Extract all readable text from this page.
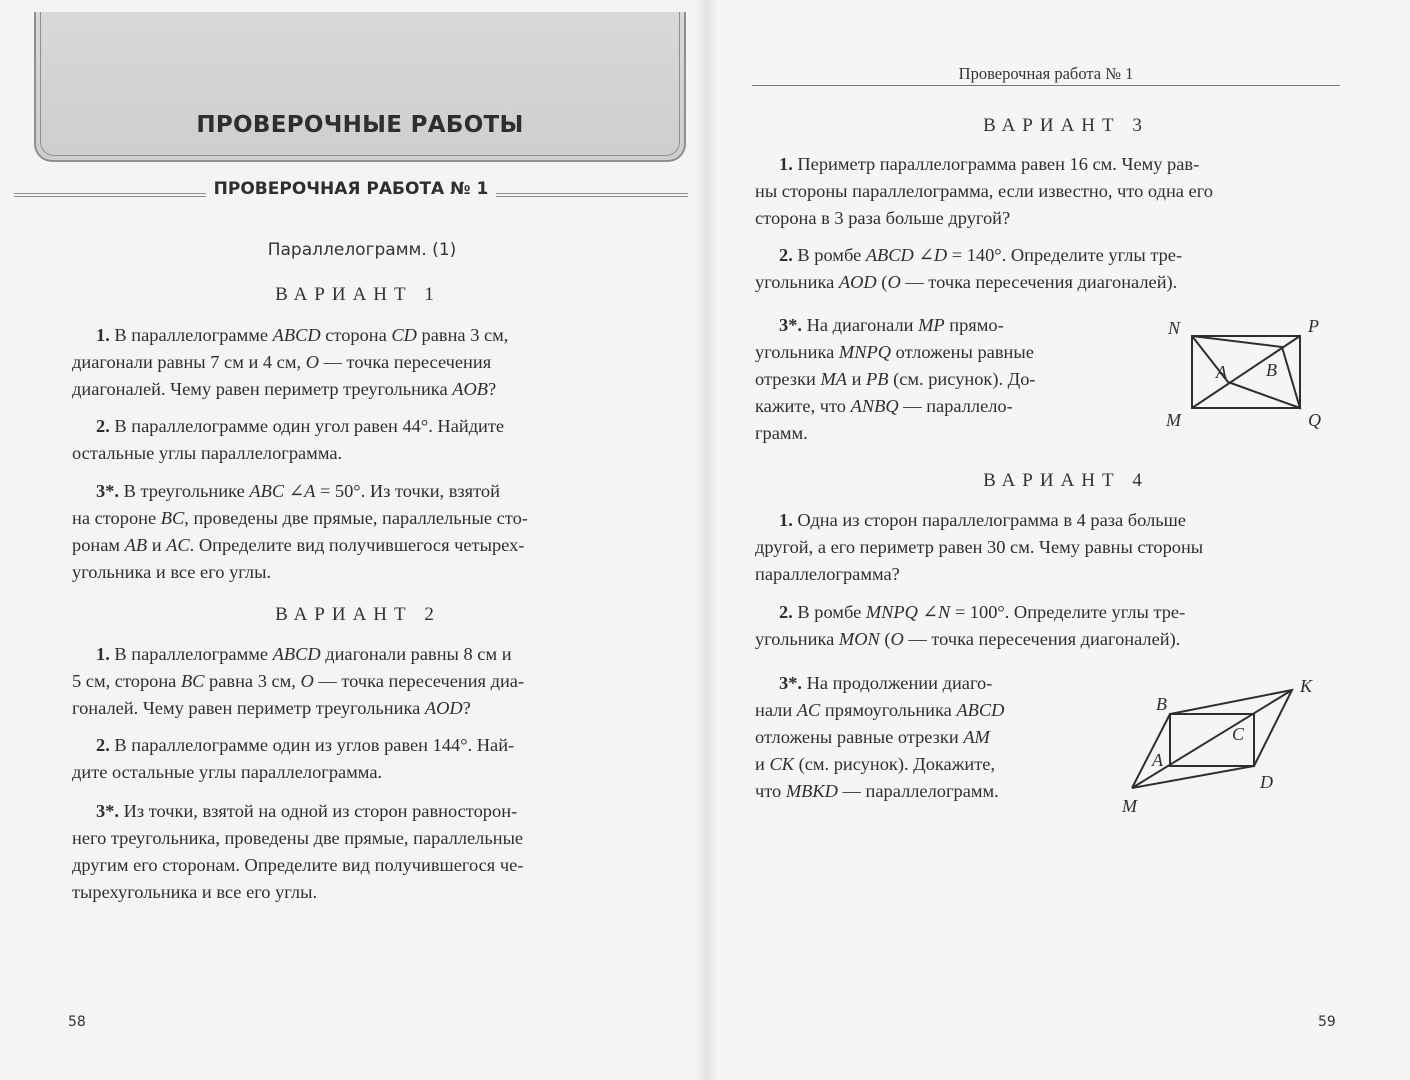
ПРОВЕРОЧНЫЕ РАБОТЫ
ПРОВЕРОЧНАЯ РАБОТА № 1
Параллелограмм. (1)
ВАРИАНТ 1
1. В параллелограмме ABCD сторона CD равна 3 см,
диагонали равны 7 см и 4 см, O — точка пересечения
диагоналей. Чему равен периметр треугольника AOB?
2. В параллелограмме один угол равен 44°. Найдите
остальные углы параллелограмма.
3*. В треугольнике ABC ∠A = 50°. Из точки, взятой
на стороне BC, проведены две прямые, параллельные сто-
ронам AB и AC. Определите вид получившегося четырех-
угольника и все его углы.
ВАРИАНТ 2
1. В параллелограмме ABCD диагонали равны 8 см и
5 см, сторона BC равна 3 см, O — точка пересечения диа-
гоналей. Чему равен периметр треугольника AOD?
2. В параллелограмме один из углов равен 144°. Най-
дите остальные углы параллелограмма.
3*. Из точки, взятой на одной из сторон равносторон-
него треугольника, проведены две прямые, параллельные
другим его сторонам. Определите вид получившегося че-
тырехугольника и все его углы.
58
Проверочная работа № 1
ВАРИАНТ 3
1. Периметр параллелограмма равен 16 см. Чему рав-
ны стороны параллелограмма, если известно, что одна его
сторона в 3 раза больше другой?
2. В ромбе ABCD ∠D = 140°. Определите углы тре-
угольника AOD (O — точка пересечения диагоналей).
3*. На диагонали MP прямо-
угольника MNPQ отложены равные
отрезки MA и PB (см. рисунок). До-
кажите, что ANBQ — параллело-
грамм.
N	P
M	Q
A B
ВАРИАНТ 4
1. Одна из сторон параллелограмма в 4 раза больше
другой, а его периметр равен 30 см. Чему равны стороны
параллелограмма?
2. В ромбе MNPQ ∠N = 100°. Определите углы тре-
угольника MON (O — точка пересечения диагоналей).
3*. На продолжении диаго-
нали AC прямоугольника ABCD
отложены равные отрезки AM
и CK (см. рисунок). Докажите,
что MBKD — параллелограмм.
B
K
C
A
D
M
59
